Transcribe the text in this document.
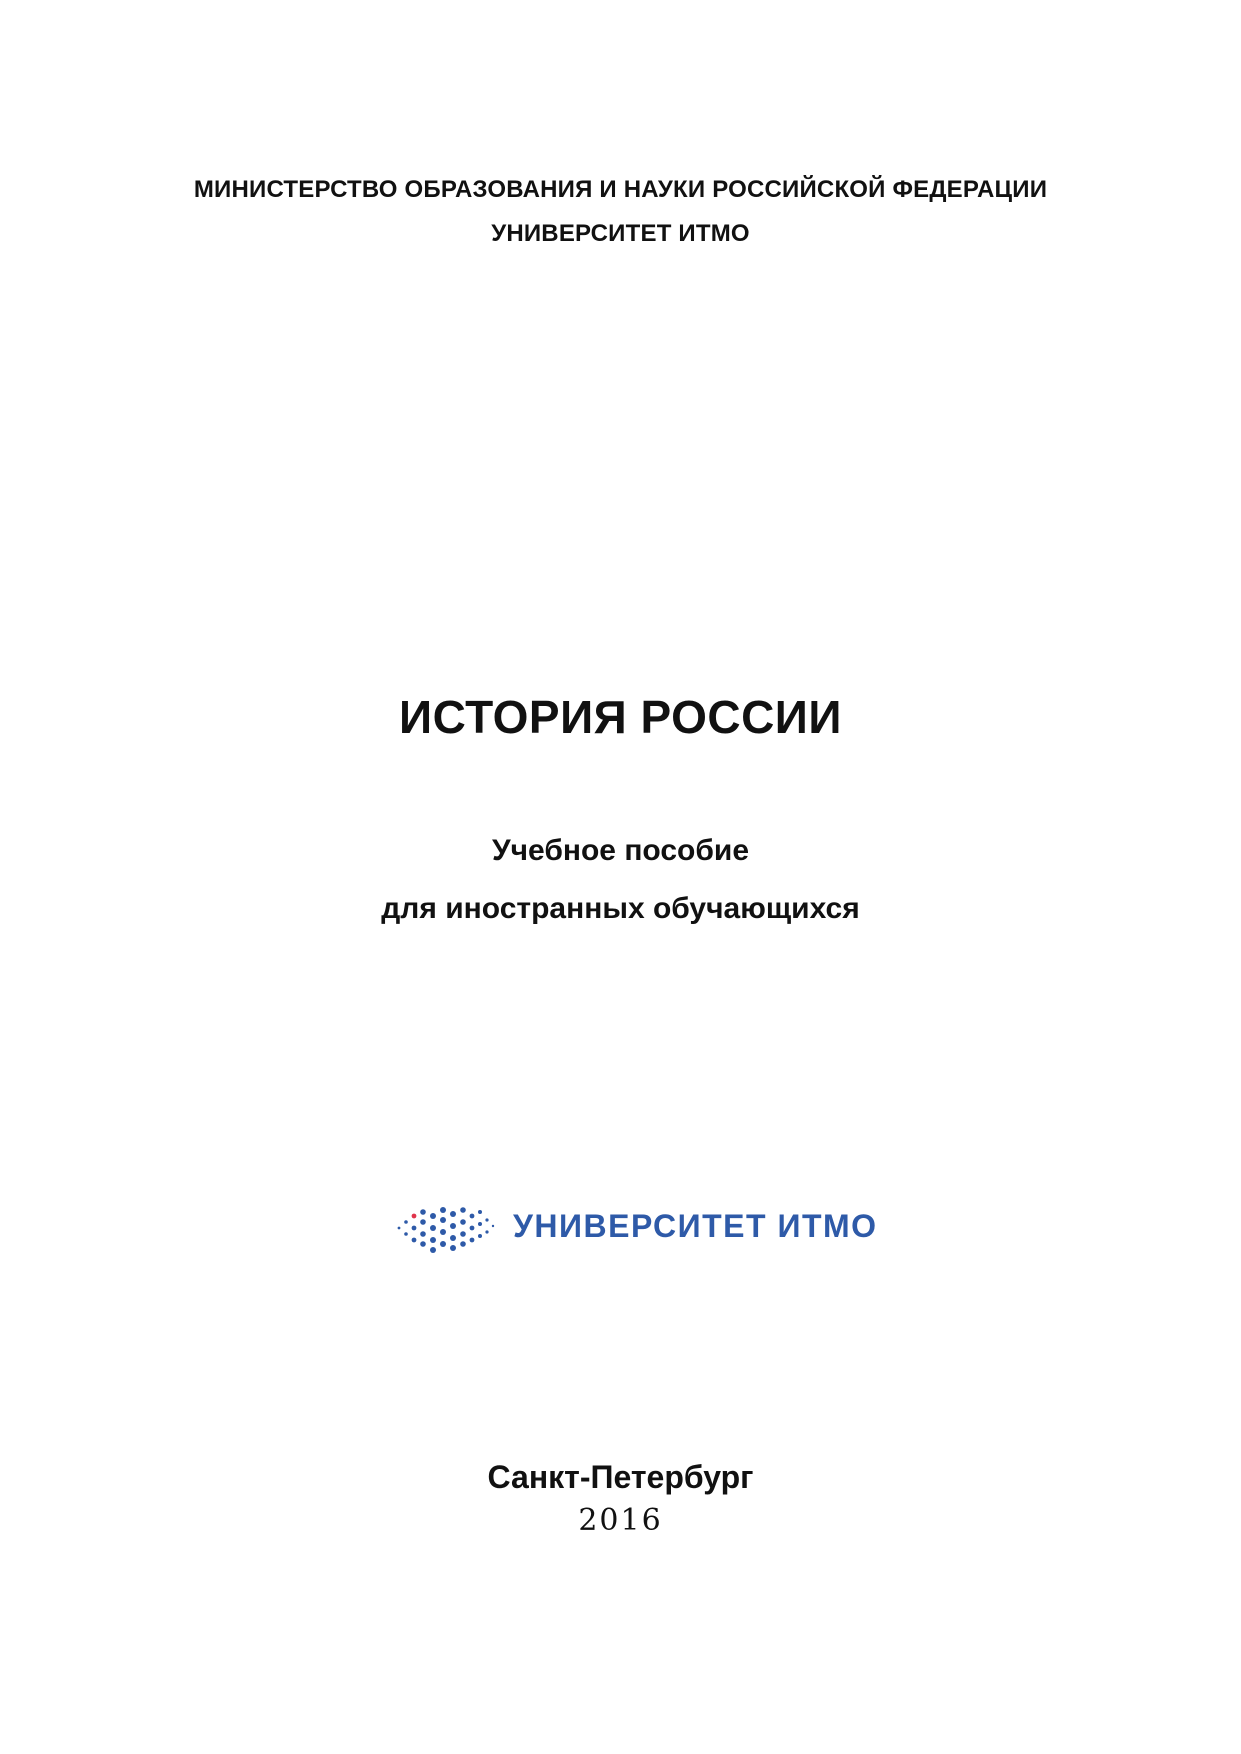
МИНИСТЕРСТВО ОБРАЗОВАНИЯ И НАУКИ РОССИЙСКОЙ ФЕДЕРАЦИИ
УНИВЕРСИТЕТ ИТМО
ИСТОРИЯ РОССИИ
Учебное пособие
для иностранных обучающихся
УНИВЕРСИТЕТ ИТМО
Санкт-Петербург
2016
